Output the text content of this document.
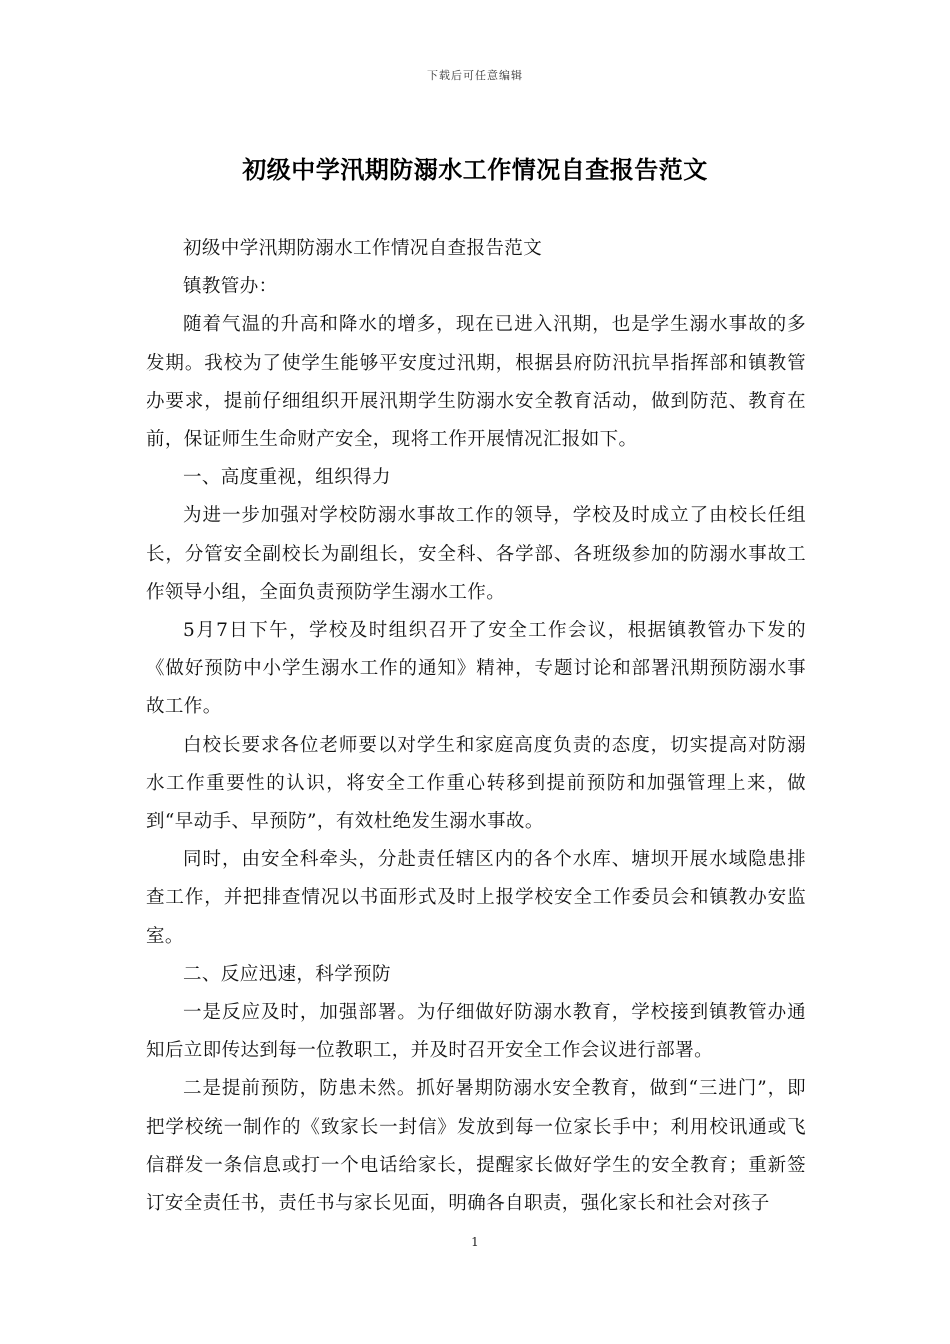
下载后可任意编辑
初级中学汛期防溺水工作情况自查报告范文

初级中学汛期防溺水工作情况自查报告范文

镇教管办：

随着气温的升高和降水的增多，现在已进入汛期，也是学生溺水事故的多发期。我校为了使学生能够平安度过汛期，根据县府防汛抗旱指挥部和镇教管办要求，提前仔细组织开展汛期学生防溺水安全教育活动，做到防范、教育在前，保证师生生命财产安全，现将工作开展情况汇报如下。

一、高度重视，组织得力

为进一步加强对学校防溺水事故工作的领导，学校及时成立了由校长任组长，分管安全副校长为副组长，安全科、各学部、各班级参加的防溺水事故工作领导小组，全面负责预防学生溺水工作。

5月7日下午，学校及时组织召开了安全工作会议，根据镇教管办下发的《做好预防中小学生溺水工作的通知》精神，专题讨论和部署汛期预防溺水事故工作。

白校长要求各位老师要以对学生和家庭高度负责的态度，切实提高对防溺水工作重要性的认识，将安全工作重心转移到提前预防和加强管理上来，做到“早动手、早预防”，有效杜绝发生溺水事故。

同时，由安全科牵头，分赴责任辖区内的各个水库、塘坝开展水域隐患排查工作，并把排查情况以书面形式及时上报学校安全工作委员会和镇教办安监室。

二、反应迅速，科学预防

一是反应及时，加强部署。为仔细做好防溺水教育，学校接到镇教管办通知后立即传达到每一位教职工，并及时召开安全工作会议进行部署。

二是提前预防，防患未然。抓好暑期防溺水安全教育，做到“三进门”，即把学校统一制作的《致家长一封信》发放到每一位家长手中；利用校讯通或飞信群发一条信息或打一个电话给家长，提醒家长做好学生的安全教育；重新签订安全责任书，责任书与家长见面，明确各自职责，强化家长和社会对孩子

1
